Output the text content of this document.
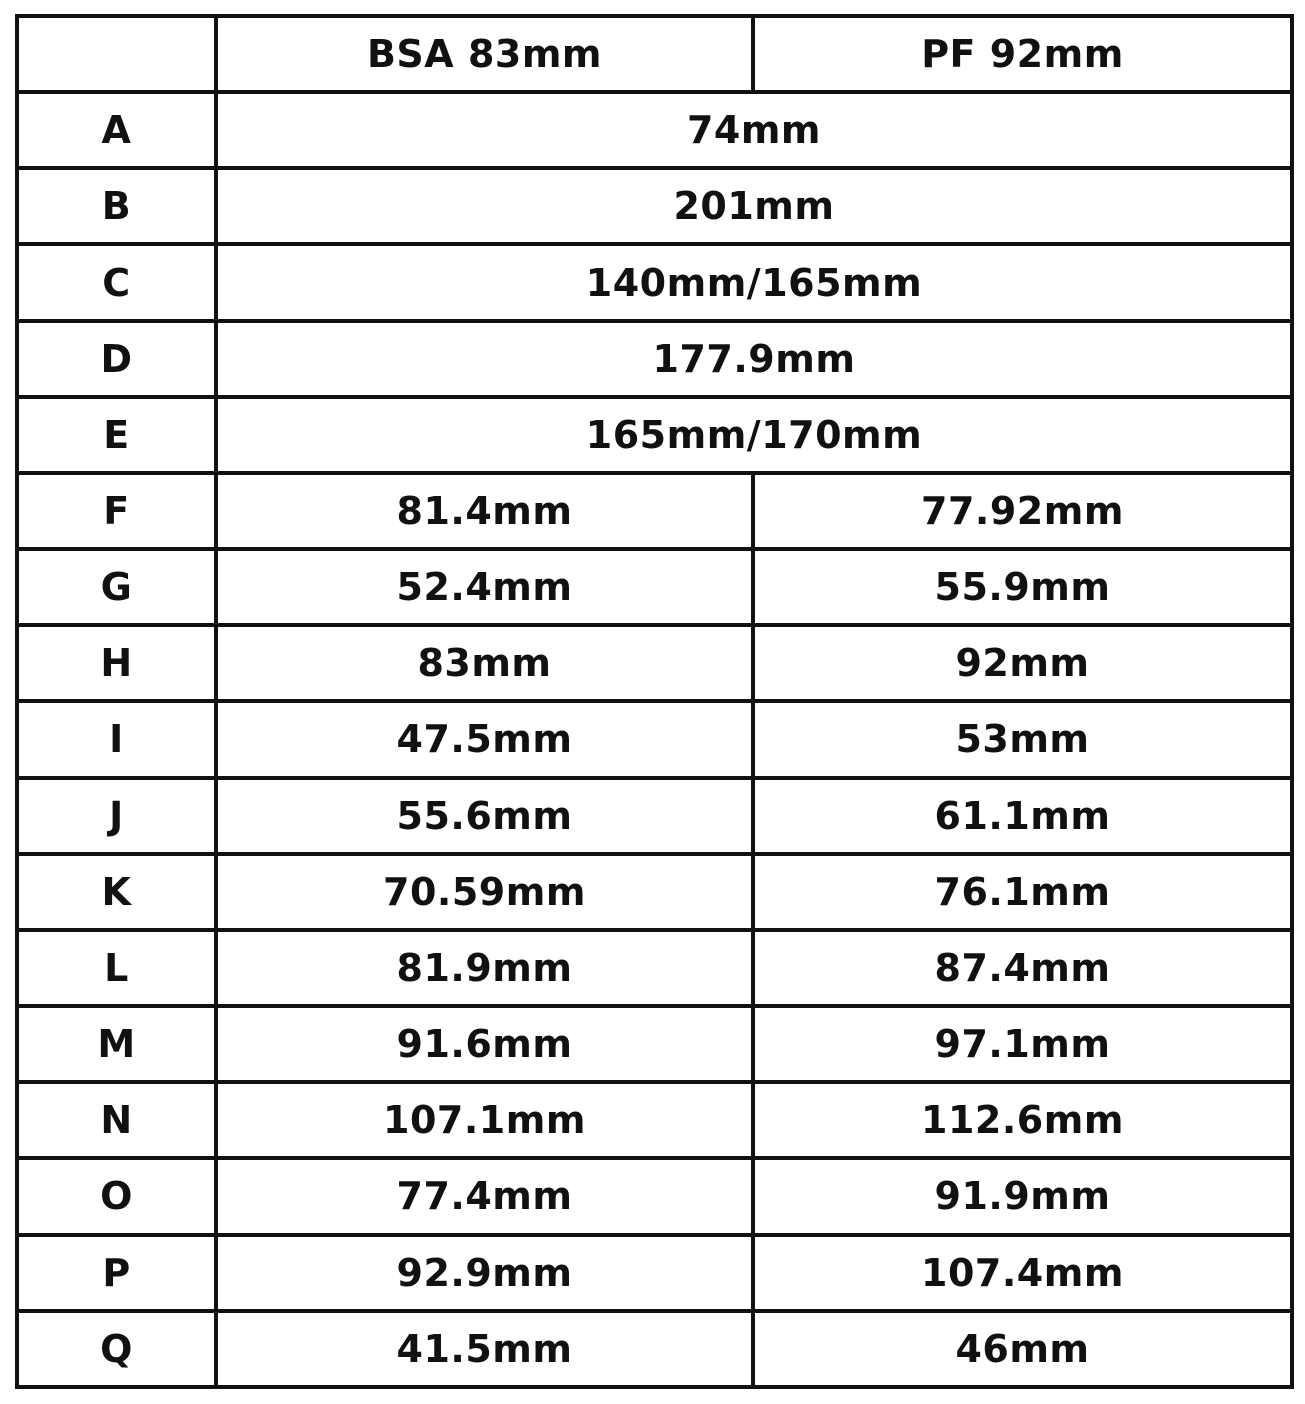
	BSA 83mm	PF 92mm
A	74mm	
B	201mm	
C	140mm/165mm	
D	177.9mm	
E	165mm/170mm	
F	81.4mm	77.92mm
G	52.4mm	55.9mm
H	83mm	92mm
I	47.5mm	53mm
J	55.6mm	61.1mm
K	70.59mm	76.1mm
L	81.9mm	87.4mm
M	91.6mm	97.1mm
N	107.1mm	112.6mm
O	77.4mm	91.9mm
P	92.9mm	107.4mm
Q	41.5mm	46mm
